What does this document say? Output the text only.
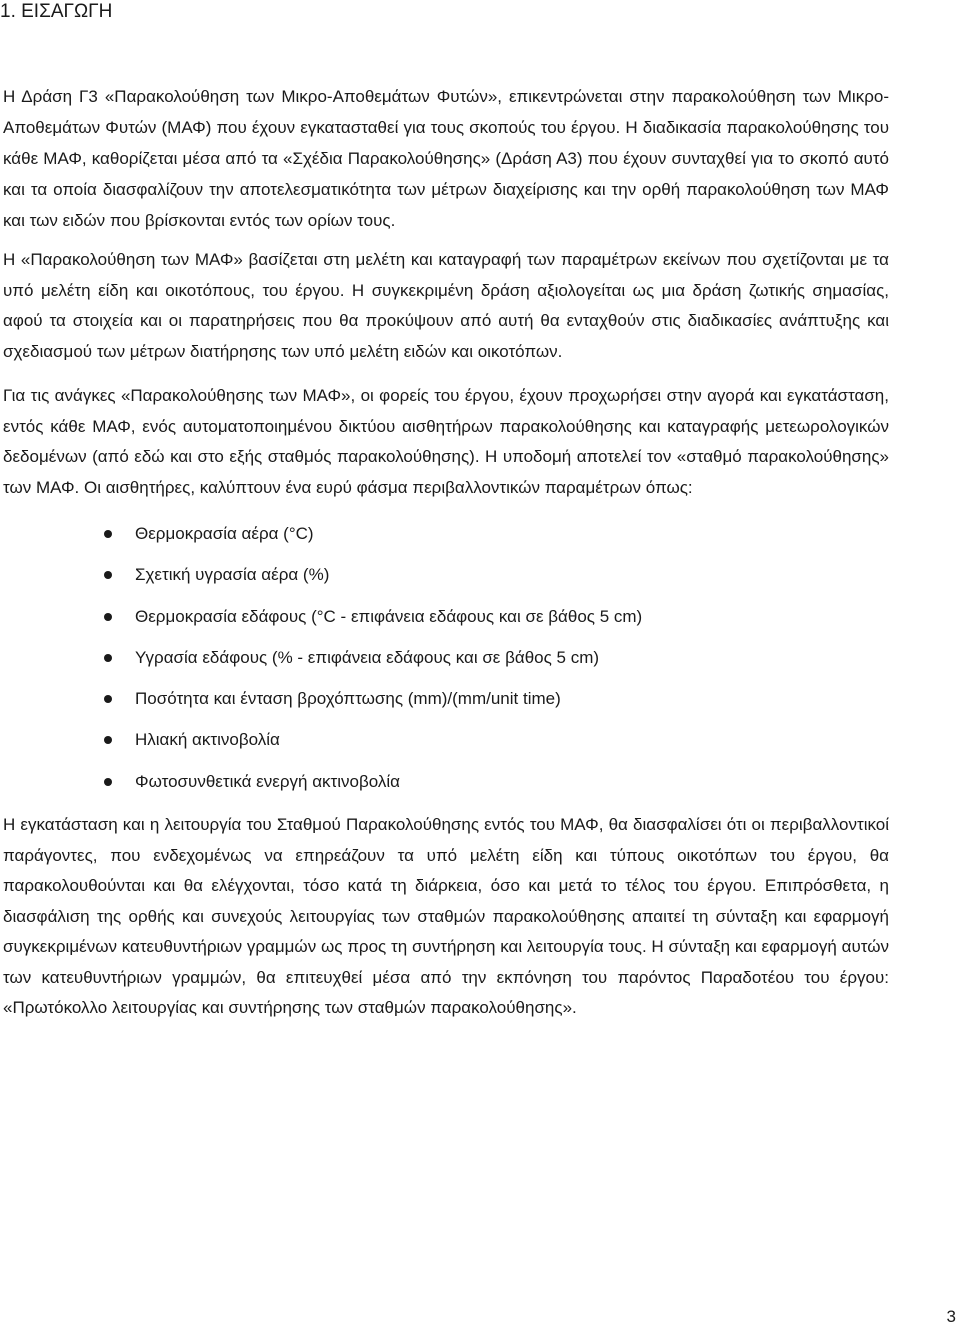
1. ΕΙΣΑΓΩΓΗ

Η Δράση Γ3 «Παρακολούθηση των Μικρο-Αποθεμάτων Φυτών», επικεντρώνεται στην παρακολούθηση των Μικρο-Αποθεμάτων Φυτών (ΜΑΦ) που έχουν εγκατασταθεί για τους σκοπούς του έργου. Η διαδικασία παρακολούθησης του κάθε ΜΑΦ, καθορίζεται μέσα από τα «Σχέδια Παρακολούθησης» (Δράση Α3) που έχουν συνταχθεί για το σκοπό αυτό και τα οποία διασφαλίζουν την αποτελεσματικότητα των μέτρων διαχείρισης και την ορθή παρακολούθηση των ΜΑΦ και των ειδών που βρίσκονται εντός των ορίων τους.

Η «Παρακολούθηση των ΜΑΦ» βασίζεται στη μελέτη και καταγραφή των παραμέτρων εκείνων που σχετίζονται με τα υπό μελέτη είδη και οικοτόπους, του έργου. Η συγκεκριμένη δράση αξιολογείται ως μια δράση ζωτικής σημασίας, αφού τα στοιχεία και οι παρατηρήσεις που θα προκύψουν από αυτή θα ενταχθούν στις διαδικασίες ανάπτυξης και σχεδιασμού των μέτρων διατήρησης των υπό μελέτη ειδών και οικοτόπων.

Για τις ανάγκες «Παρακολούθησης των ΜΑΦ», οι φορείς του έργου, έχουν προχωρήσει στην αγορά και εγκατάσταση, εντός κάθε ΜΑΦ, ενός αυτοματοποιημένου δικτύου αισθητήρων παρακολούθησης και καταγραφής μετεωρολογικών δεδομένων (από εδώ και στο εξής σταθμός παρακολούθησης). Η υποδομή αποτελεί τον «σταθμό παρακολούθησης» των ΜΑΦ. Οι αισθητήρες, καλύπτουν ένα ευρύ φάσμα περιβαλλοντικών παραμέτρων όπως:

Θερμοκρασία αέρα (°C)
Σχετική υγρασία αέρα (%)
Θερμοκρασία εδάφους (°C - επιφάνεια εδάφους και σε βάθος 5 cm)
Υγρασία εδάφους (% - επιφάνεια εδάφους και σε βάθος 5 cm)
Ποσότητα και ένταση βροχόπτωσης (mm)/(mm/unit time)
Ηλιακή ακτινοβολία
Φωτοσυνθετικά ενεργή ακτινοβολία

Η εγκατάσταση και η λειτουργία του Σταθμού Παρακολούθησης εντός του ΜΑΦ, θα διασφαλίσει ότι οι περιβαλλοντικοί παράγοντες, που ενδεχομένως να επηρεάζουν τα υπό μελέτη είδη και τύπους οικοτόπων του έργου, θα παρακολουθούνται και θα ελέγχονται, τόσο κατά τη διάρκεια, όσο και μετά το τέλος του έργου. Επιπρόσθετα, η διασφάλιση της ορθής και συνεχούς λειτουργίας των σταθμών παρακολούθησης απαιτεί τη σύνταξη και εφαρμογή συγκεκριμένων κατευθυντήριων γραμμών ως προς τη συντήρηση και λειτουργία τους. Η σύνταξη και εφαρμογή αυτών των κατευθυντήριων γραμμών, θα επιτευχθεί μέσα από την εκπόνηση του παρόντος Παραδοτέου του έργου: «Πρωτόκολλο λειτουργίας και συντήρησης των σταθμών παρακολούθησης».

3
